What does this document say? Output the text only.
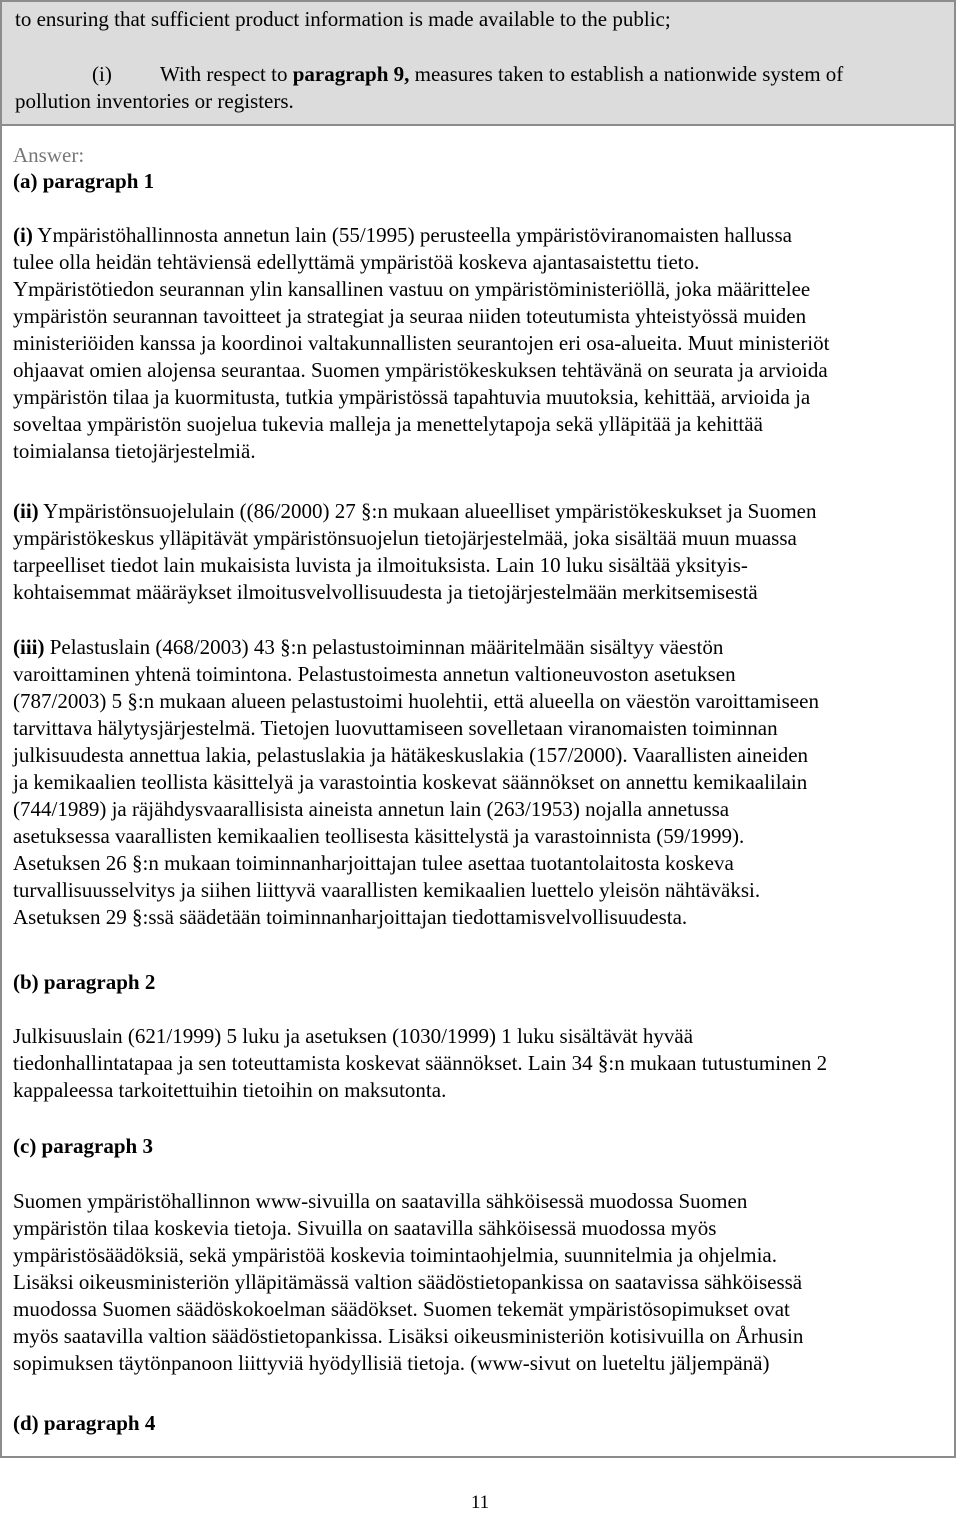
to ensuring that sufficient product information is made available to the public;
(i) With respect to paragraph 9, measures taken to establish a nationwide system of
pollution inventories or registers.
Answer:
(a) paragraph 1
(i) Ympäristöhallinnosta annetun lain (55/1995) perusteella ympäristöviranomaisten hallussa
tulee olla heidän tehtäviensä edellyttämä ympäristöä koskeva ajantasaistettu tieto.
Ympäristötiedon seurannan ylin kansallinen vastuu on ympäristöministeriöllä, joka määrittelee
ympäristön seurannan tavoitteet ja strategiat ja seuraa niiden toteutumista yhteistyössä muiden
ministeriöiden kanssa ja koordinoi valtakunnallisten seurantojen eri osa-alueita. Muut ministeriöt
ohjaavat omien alojensa seurantaa. Suomen ympäristökeskuksen tehtävänä on seurata ja arvioida
ympäristön tilaa ja kuormitusta, tutkia ympäristössä tapahtuvia muutoksia, kehittää, arvioida ja
soveltaa ympäristön suojelua tukevia malleja ja menettelytapoja sekä ylläpitää ja kehittää
toimialansa tietojärjestelmiä.
(ii) Ympäristönsuojelulain ((86/2000) 27 §:n mukaan alueelliset ympäristökeskukset ja Suomen
ympäristökeskus ylläpitävät ympäristönsuojelun tietojärjestelmää, joka sisältää muun muassa
tarpeelliset tiedot lain mukaisista luvista ja ilmoituksista. Lain 10 luku sisältää yksityis-
kohtaisemmat määräykset ilmoitusvelvollisuudesta ja tietojärjestelmään merkitsemisestä
(iii) Pelastuslain (468/2003) 43 §:n pelastustoiminnan määritelmään sisältyy väestön
varoittaminen yhtenä toimintona. Pelastustoimesta annetun valtioneuvoston asetuksen
(787/2003) 5 §:n mukaan alueen pelastustoimi huolehtii, että alueella on väestön varoittamiseen
tarvittava hälytysjärjestelmä. Tietojen luovuttamiseen sovelletaan viranomaisten toiminnan
julkisuudesta annettua lakia, pelastuslakia ja hätäkeskuslakia (157/2000). Vaarallisten aineiden
ja kemikaalien teollista käsittelyä ja varastointia koskevat säännökset on annettu kemikaalilain
(744/1989) ja räjähdysvaarallisista aineista annetun lain (263/1953) nojalla annetussa
asetuksessa vaarallisten kemikaalien teollisesta käsittelystä ja varastoinnista (59/1999).
Asetuksen 26 §:n mukaan toiminnanharjoittajan tulee asettaa tuotantolaitosta koskeva
turvallisuusselvitys ja siihen liittyvä vaarallisten kemikaalien luettelo yleisön nähtäväksi.
Asetuksen 29 §:ssä säädetään toiminnanharjoittajan tiedottamisvelvollisuudesta.
(b) paragraph 2
Julkisuuslain (621/1999) 5 luku ja asetuksen (1030/1999) 1 luku sisältävät hyvää
tiedonhallintatapaa ja sen toteuttamista koskevat säännökset. Lain 34 §:n mukaan tutustuminen 2
kappaleessa tarkoitettuihin tietoihin on maksutonta.
(c) paragraph 3
Suomen ympäristöhallinnon www-sivuilla on saatavilla sähköisessä muodossa Suomen
ympäristön tilaa koskevia tietoja. Sivuilla on saatavilla sähköisessä muodossa myös
ympäristösäädöksiä, sekä ympäristöä koskevia toimintaohjelmia, suunnitelmia ja ohjelmia.
Lisäksi oikeusministeriön ylläpitämässä valtion säädöstietopankissa on saatavissa sähköisessä
muodossa Suomen säädöskokoelman säädökset. Suomen tekemät ympäristösopimukset ovat
myös saatavilla valtion säädöstietopankissa. Lisäksi oikeusministeriön kotisivuilla on Århusin
sopimuksen täytönpanoon liittyviä hyödyllisiä tietoja. (www-sivut on lueteltu jäljempänä)
(d) paragraph 4
11
